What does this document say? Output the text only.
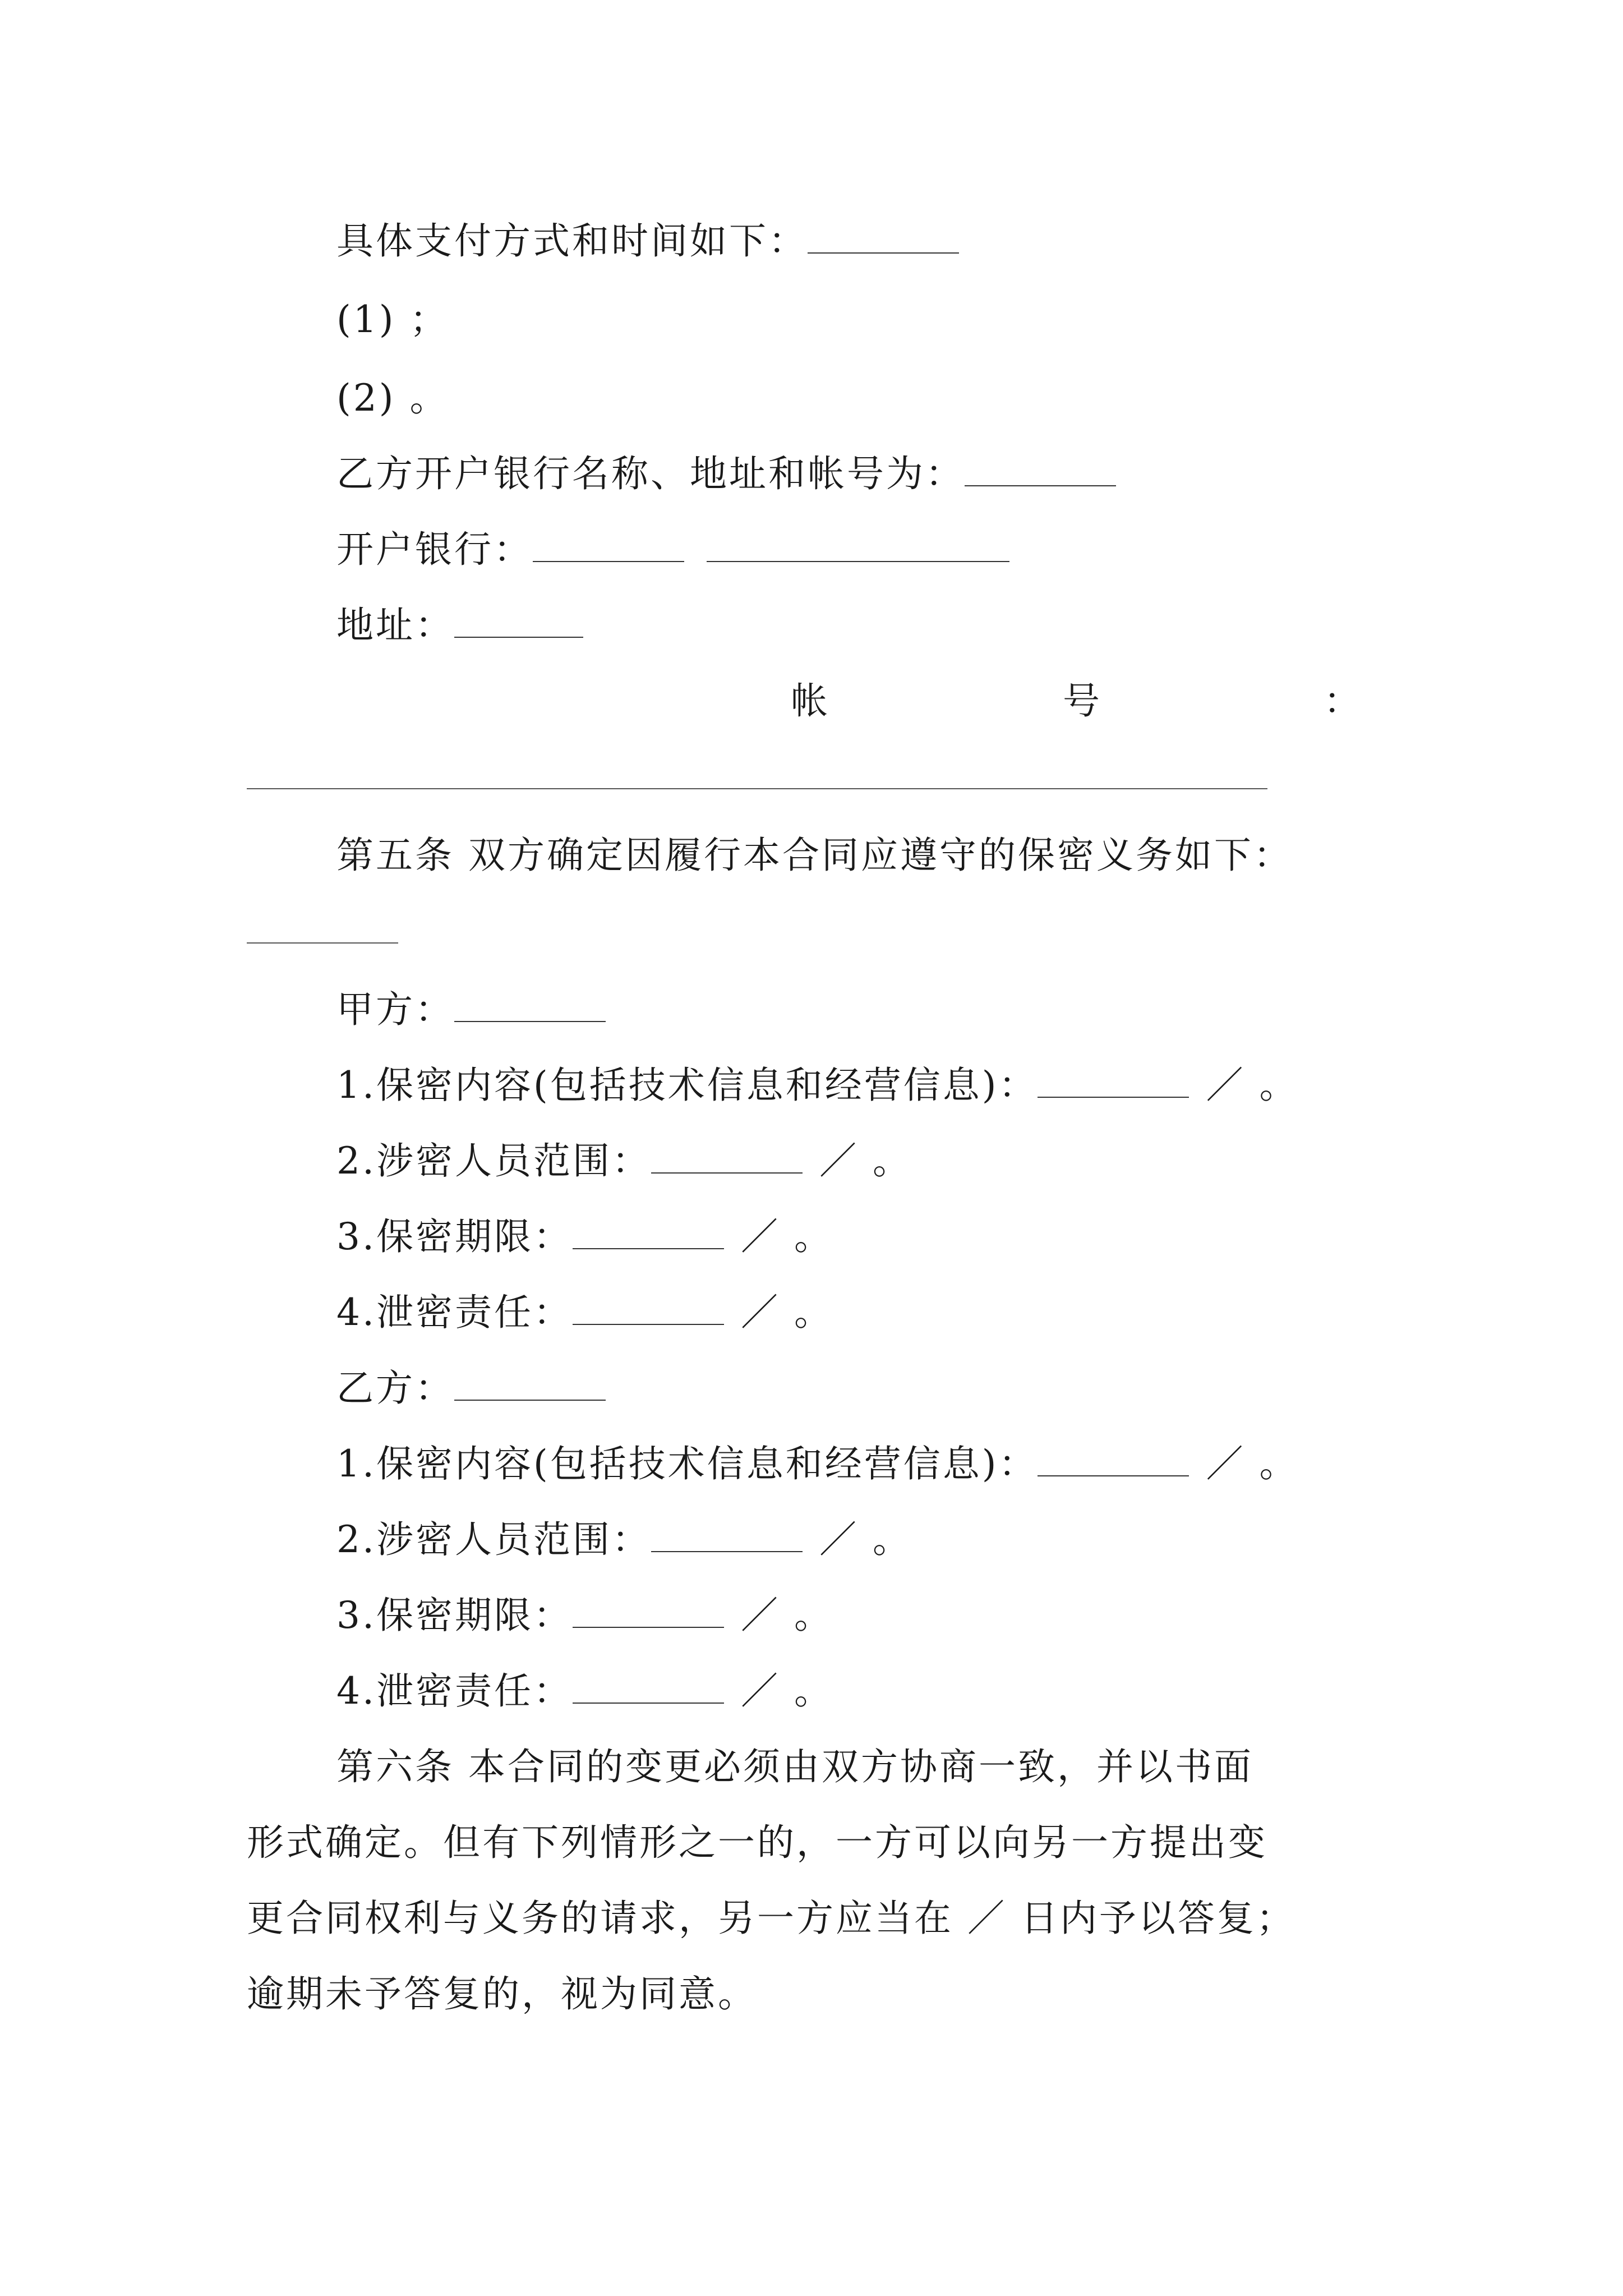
具体支付方式和时间如下：
(1) ；
(2) 。
乙方开户银行名称、地址和帐号为：
开户银行：
地址：
帐	号	：
第五条 双方确定因履行本合同应遵守的保密义务如下：
甲方：
1.保密内容(包括技术信息和经营信息)：	／ 。
2.涉密人员范围：	／ 。
3.保密期限：	／ 。
4.泄密责任：	／ 。
乙方：
1.保密内容(包括技术信息和经营信息)：	／ 。
2.涉密人员范围：	／ 。
3.保密期限：	／ 。
4.泄密责任：	／ 。
第六条 本合同的变更必须由双方协商一致，并以书面
形式确定。但有下列情形之一的，一方可以向另一方提出变
更合同权利与义务的请求，另一方应当在 ／ 日内予以答复；
逾期未予答复的，视为同意。
